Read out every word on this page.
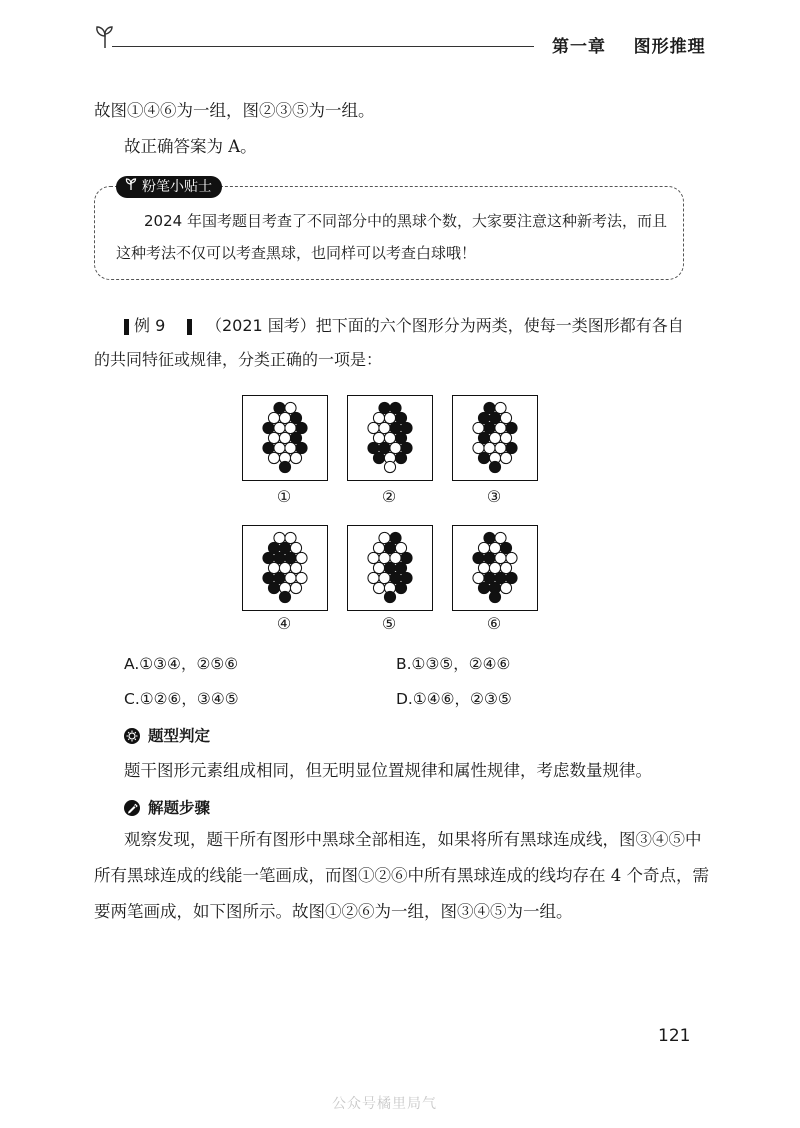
第一章    图形推理
故图①④⑥为一组，图②③⑤为一组。
故正确答案为 A。
粉笔小贴士
2024 年国考题目考查了不同部分中的黑球个数，大家要注意这种新考法，而且
这种考法不仅可以考查黑球，也同样可以考查白球哦！
例 9	（2021 国考）把下面的六个图形分为两类，使每一类图形都有各自
的共同特征或规律，分类正确的一项是：
①	②	③
④	⑤	⑥
A.①③④，②⑤⑥	B.①③⑤，②④⑥
C.①②⑥，③④⑤	D.①④⑥，②③⑤
题型判定
题干图形元素组成相同，但无明显位置规律和属性规律，考虑数量规律。
解题步骤
观察发现，题干所有图形中黑球全部相连，如果将所有黑球连成线，图③④⑤中
所有黑球连成的线能一笔画成，而图①②⑥中所有黑球连成的线均存在 4 个奇点，需
要两笔画成，如下图所示。故图①②⑥为一组，图③④⑤为一组。
121
公众号橘里局气
